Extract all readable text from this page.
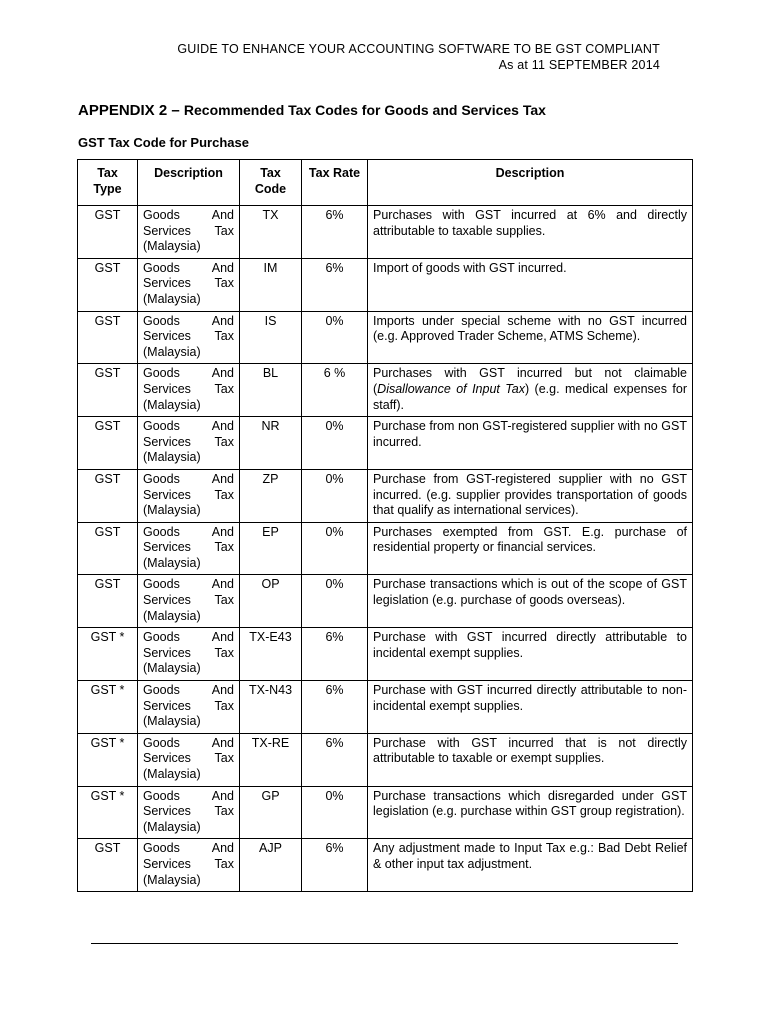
GUIDE TO ENHANCE YOUR ACCOUNTING SOFTWARE TO BE GST COMPLIANT
As at 11 SEPTEMBER 2014
APPENDIX 2 – Recommended Tax Codes for Goods and Services Tax
GST Tax Code for Purchase
Tax Type	Description	Tax Code	Tax Rate	Description
GST	Goods And Services Tax (Malaysia)	TX	6%	Purchases with GST incurred at 6% and directly attributable to taxable supplies.
GST	Goods And Services Tax (Malaysia)	IM	6%	Import of goods with GST incurred.
GST	Goods And Services Tax (Malaysia)	IS	0%	Imports under special scheme with no GST incurred (e.g. Approved Trader Scheme, ATMS Scheme).
GST	Goods And Services Tax (Malaysia)	BL	6 %	Purchases with GST incurred but not claimable (Disallowance of Input Tax) (e.g. medical expenses for staff).
GST	Goods And Services Tax (Malaysia)	NR	0%	Purchase from non GST-registered supplier with no GST incurred.
GST	Goods And Services Tax (Malaysia)	ZP	0%	Purchase from GST-registered supplier with no GST incurred. (e.g. supplier provides transportation of goods that qualify as international services).
GST	Goods And Services Tax (Malaysia)	EP	0%	Purchases exempted from GST. E.g. purchase of residential property or financial services.
GST	Goods And Services Tax (Malaysia)	OP	0%	Purchase transactions which is out of the scope of GST legislation (e.g. purchase of goods overseas).
GST *	Goods And Services Tax (Malaysia)	TX-E43	6%	Purchase with GST incurred directly attributable to incidental exempt supplies.
GST *	Goods And Services Tax (Malaysia)	TX-N43	6%	Purchase with GST incurred directly attributable to non-incidental exempt supplies.
GST *	Goods And Services Tax (Malaysia)	TX-RE	6%	Purchase with GST incurred that is not directly attributable to taxable or exempt supplies.
GST *	Goods And Services Tax (Malaysia)	GP	0%	Purchase transactions which disregarded under GST legislation (e.g. purchase within GST group registration).
GST	Goods And Services Tax (Malaysia)	AJP	6%	Any adjustment made to Input Tax e.g.: Bad Debt Relief & other input tax adjustment.
